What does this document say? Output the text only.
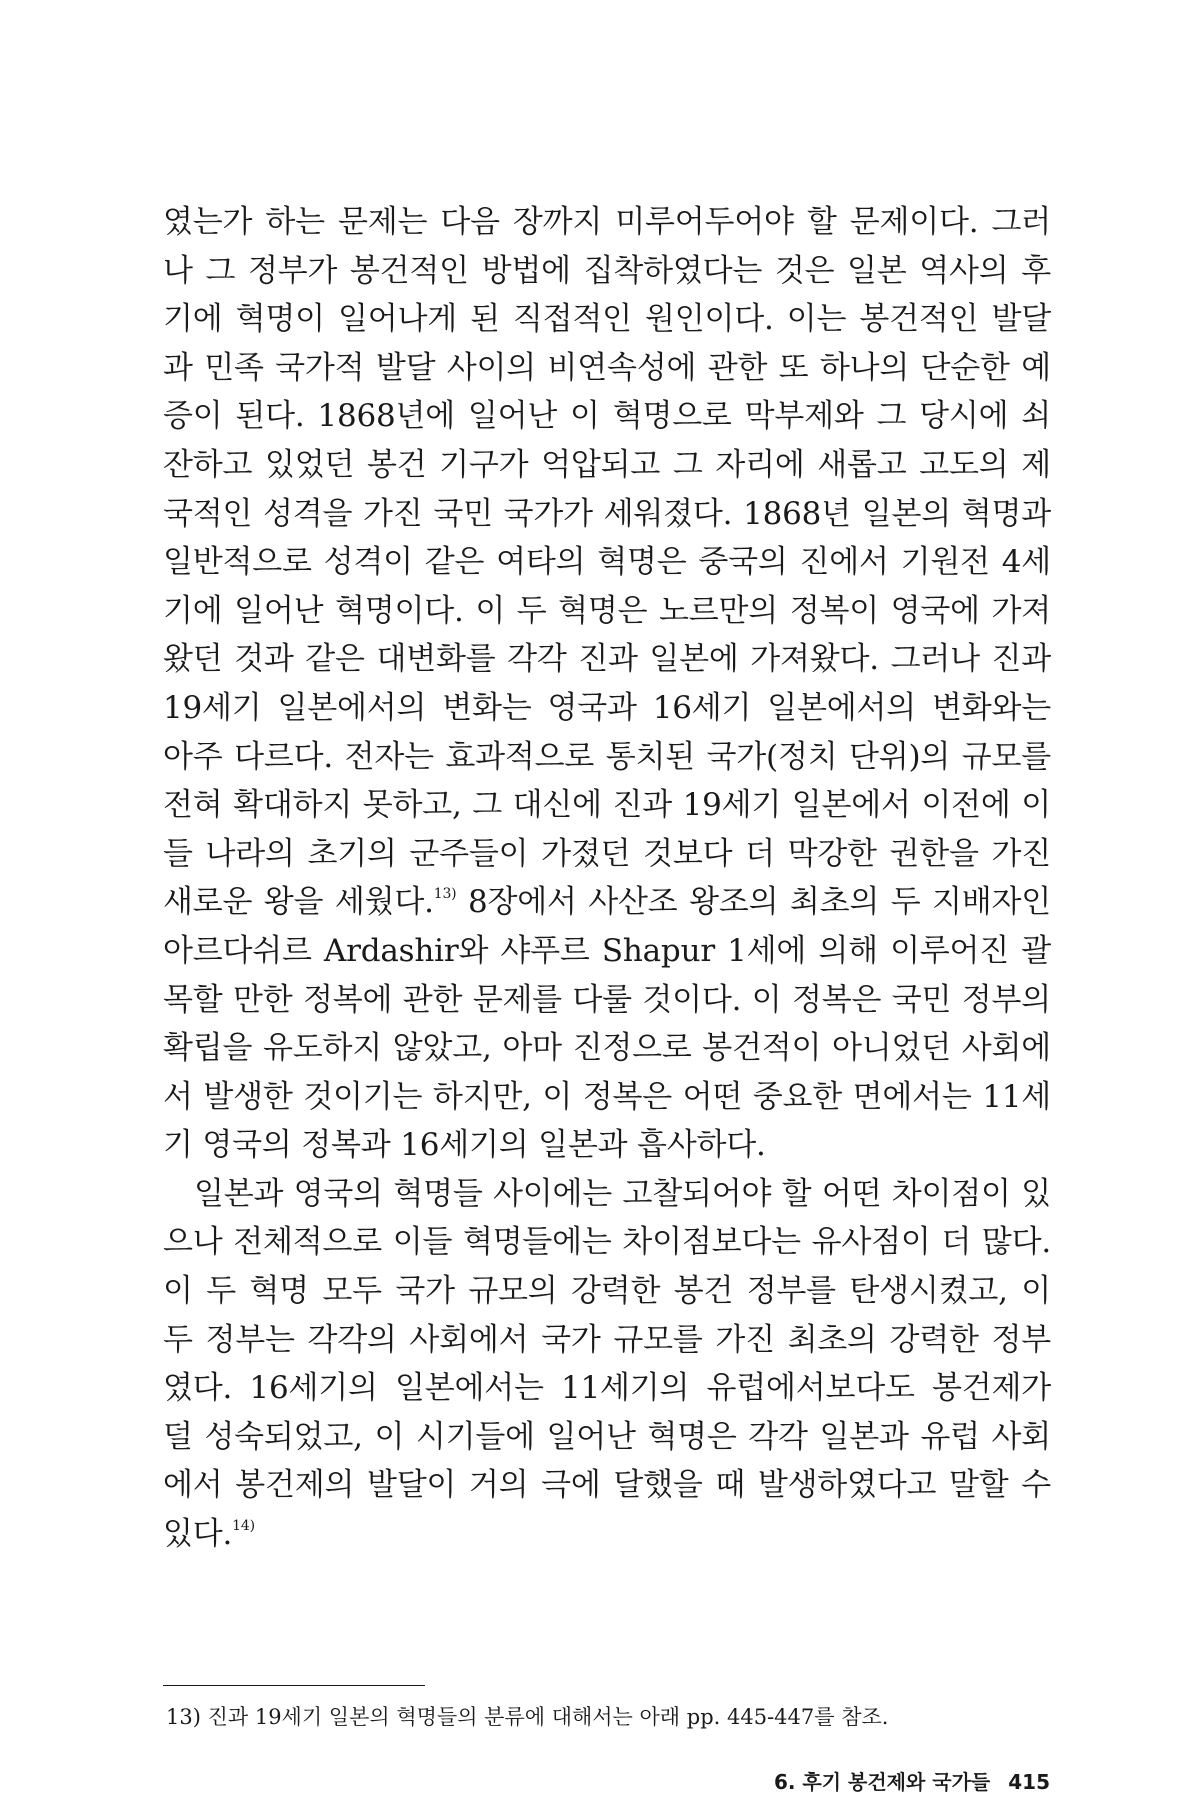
였는가 하는 문제는 다음 장까지 미루어두어야 할 문제이다. 그러나 그 정부가 봉건적인 방법에 집착하였다는 것은 일본 역사의 후기에 혁명이 일어나게 된 직접적인 원인이다. 이는 봉건적인 발달과 민족 국가적 발달 사이의 비연속성에 관한 또 하나의 단순한 예증이 된다. 1868년에 일어난 이 혁명으로 막부제와 그 당시에 쇠잔하고 있었던 봉건 기구가 억압되고 그 자리에 새롭고 고도의 제국적인 성격을 가진 국민 국가가 세워졌다. 1868년 일본의 혁명과 일반적으로 성격이 같은 여타의 혁명은 중국의 진에서 기원전 4세기에 일어난 혁명이다. 이 두 혁명은 노르만의 정복이 영국에 가져왔던 것과 같은 대변화를 각각 진과 일본에 가져왔다. 그러나 진과 19세기 일본에서의 변화는 영국과 16세기 일본에서의 변화와는 아주 다르다. 전자는 효과적으로 통치된 국가(정치 단위)의 규모를 전혀 확대하지 못하고, 그 대신에 진과 19세기 일본에서 이전에 이들 나라의 초기의 군주들이 가졌던 것보다 더 막강한 권한을 가진 새로운 왕을 세웠다.$^{13)}$ 8장에서 사산조 왕조의 최초의 두 지배자인 아르다쉬르 Ardashir와 샤푸르 Shapur 1세에 의해 이루어진 괄목할 만한 정복에 관한 문제를 다룰 것이다. 이 정복은 국민 정부의 확립을 유도하지 않았고, 아마 진정으로 봉건적이 아니었던 사회에서 발생한 것이기는 하지만, 이 정복은 어떤 중요한 면에서는 11세기 영국의 정복과 16세기의 일본과 흡사하다.

일본과 영국의 혁명들 사이에는 고찰되어야 할 어떤 차이점이 있으나 전체적으로 이들 혁명들에는 차이점보다는 유사점이 더 많다. 이 두 혁명 모두 국가 규모의 강력한 봉건 정부를 탄생시켰고, 이 두 정부는 각각의 사회에서 국가 규모를 가진 최초의 강력한 정부였다. 16세기의 일본에서는 11세기의 유럽에서보다도 봉건제가 덜 성숙되었고, 이 시기들에 일어난 혁명은 각각 일본과 유럽 사회에서 봉건제의 발달이 거의 극에 달했을 때 발생하였다고 말할 수 있다.$^{14)}$

13) 진과 19세기 일본의 혁명들의 분류에 대해서는 아래 pp. 445-447를 참조.
6. 후기 봉건제와 국가들 415
